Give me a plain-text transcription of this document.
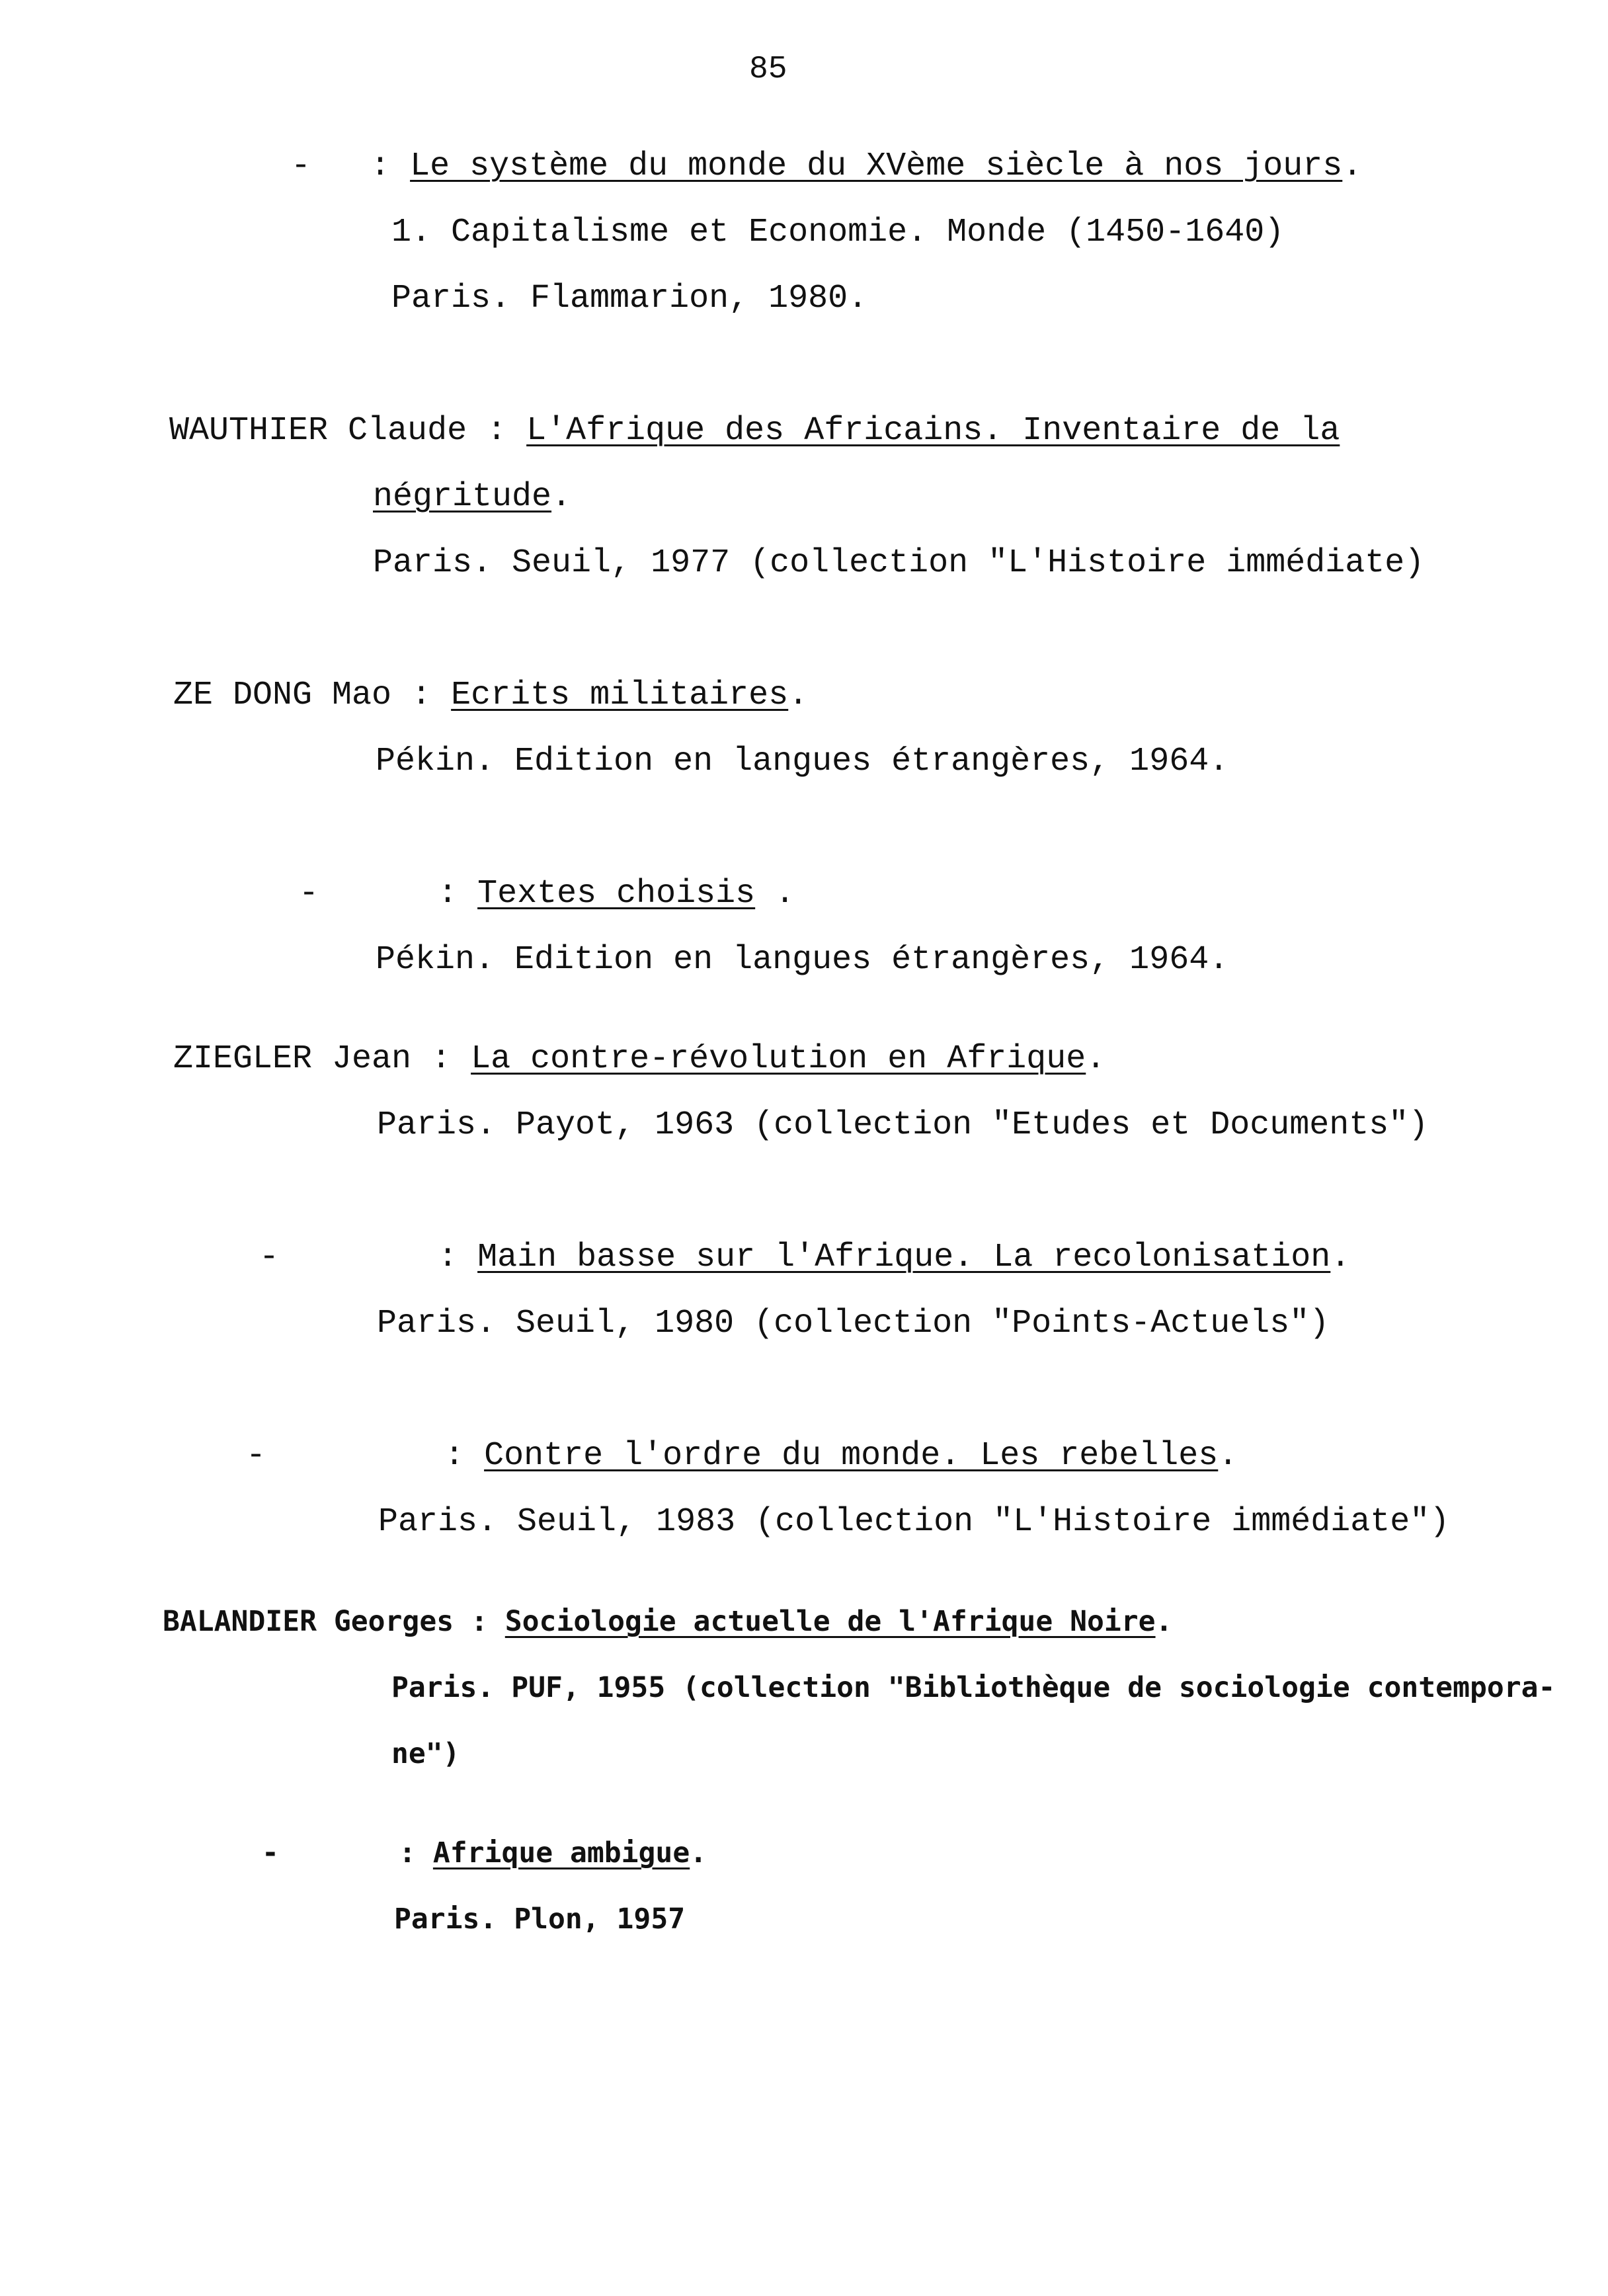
85
- : Le système du monde du XVème siècle à nos jours.
1. Capitalisme et Economie. Monde (1450-1640)
Paris. Flammarion, 1980.
WAUTHIER Claude : L'Afrique des Africains. Inventaire de la
négritude.
Paris. Seuil, 1977 (collection "L'Histoire immédiate)
ZE DONG Mao : Ecrits militaires.
Pékin. Edition en langues étrangères, 1964.
-	: Textes choisis .
Pékin. Edition en langues étrangères, 1964.
ZIEGLER Jean : La contre-révolution en Afrique.
Paris. Payot, 1963 (collection "Etudes et Documents")
-	: Main basse sur l'Afrique. La recolonisation.
Paris. Seuil, 1980 (collection "Points-Actuels")
-	: Contre l'ordre du monde. Les rebelles.
Paris. Seuil, 1983 (collection "L'Histoire immédiate")
BALANDIER Georges : Sociologie actuelle de l'Afrique Noire.
Paris. PUF, 1955 (collection "Bibliothèque de sociologie contempora-
ne")
-	: Afrique ambigue.
Paris. Plon, 1957
